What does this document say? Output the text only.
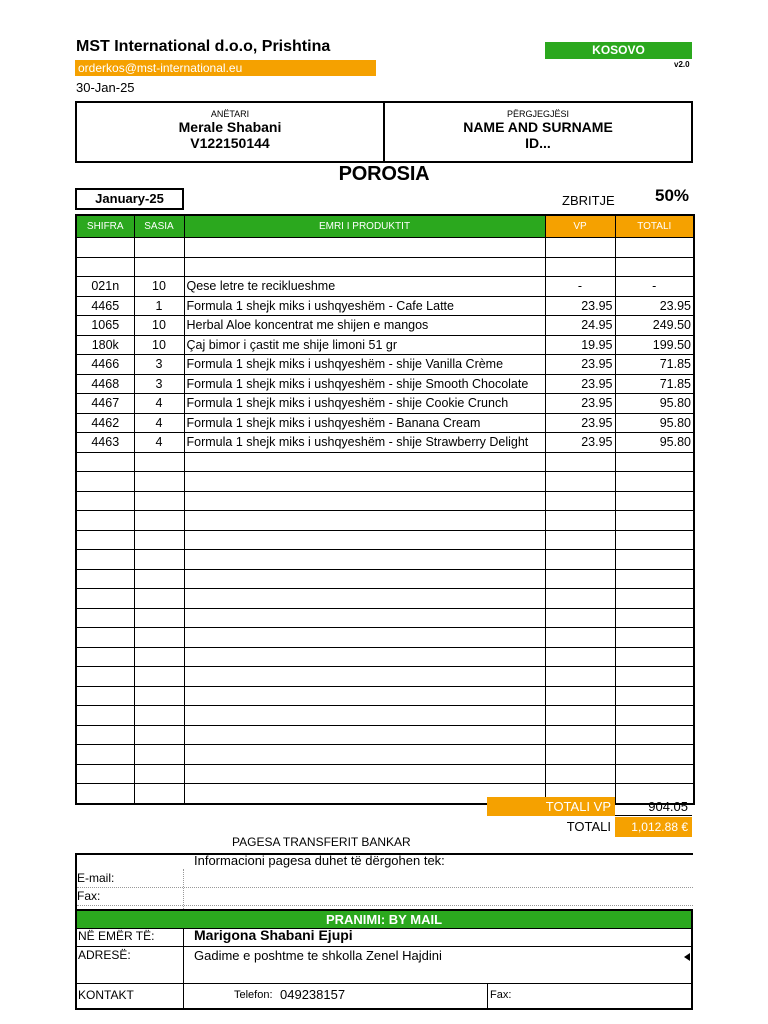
MST International d.o.o, Prishtina
orderkos@mst-international.eu
30-Jan-25
KOSOVO
v2.0
ANËTARI
Merale Shabani
V122150144
PËRGJEGJËSI
NAME AND SURNAME
ID...
POROSIA
January-25	ZBRITJE 50%
SHIFRA	SASIA	EMRI I PRODUKTIT	VP	TOTALI

021n	10	Qese letre te reciklueshme	-	-
4465	1	Formula 1 shejk miks i ushqyeshëm - Cafe Latte	23.95	23.95
1065	10	Herbal Aloe koncentrat me shijen e mangos	24.95	249.50
180k	10	Çaj bimor i çastit me shije limoni 51 gr	19.95	199.50
4466	3	Formula 1 shejk miks i ushqyeshëm - shije Vanilla Crème	23.95	71.85
4468	3	Formula 1 shejk miks i ushqyeshëm - shije Smooth Chocolate	23.95	71.85
4467	4	Formula 1 shejk miks i ushqyeshëm - shije Cookie Crunch	23.95	95.80
4462	4	Formula 1 shejk miks i ushqyeshëm - Banana Cream	23.95	95.80
4463	4	Formula 1 shejk miks i ushqyeshëm - shije Strawberry Delight	23.95	95.80

TOTALI VP	904.05
TOTALI	1,012.88 €
PAGESA TRANSFERIT BANKAR
Informacioni pagesa duhet të dërgohen tek:
E-mail:
Fax:
PRANIMI: BY MAIL
NË EMËR TË:	Marigona Shabani Ejupi
ADRESË:	Gadime e poshtme te shkolla Zenel Hajdini
KONTAKT	Telefon: 049238157	Fax:
